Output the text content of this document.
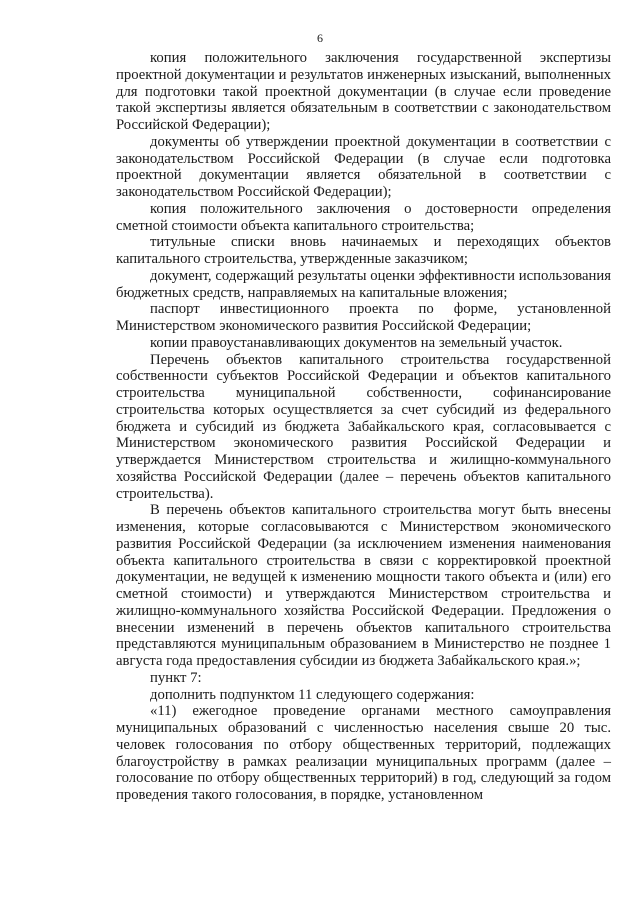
6

копия положительного заключения государственной экспертизы проектной документации и результатов инженерных изысканий, выполненных для подготовки такой проектной документации (в случае если проведение такой экспертизы является обязательным в соответствии с законодательством Российской Федерации);

документы об утверждении проектной документации в соответствии с законодательством Российской Федерации (в случае если подготовка проектной документации является обязательной в соответствии с законодательством Российской Федерации);

копия положительного заключения о достоверности определения сметной стоимости объекта капитального строительства;

титульные списки вновь начинаемых и переходящих объектов капитального строительства, утвержденные заказчиком;

документ, содержащий результаты оценки эффективности использования бюджетных средств, направляемых на капитальные вложения;

паспорт инвестиционного проекта по форме, установленной Министерством экономического развития Российской Федерации;

копии правоустанавливающих документов на земельный участок.

Перечень объектов капитального строительства государственной собственности субъектов Российской Федерации и объектов капитального строительства муниципальной собственности, софинансирование строительства которых осуществляется за счет субсидий из федерального бюджета и субсидий из бюджета Забайкальского края, согласовывается с Министерством экономического развития Российской Федерации и утверждается Министерством строительства и жилищно-коммунального хозяйства Российской Федерации (далее – перечень объектов капитального строительства).

В перечень объектов капитального строительства могут быть внесены изменения, которые согласовываются с Министерством экономического развития Российской Федерации (за исключением изменения наименования объекта капитального строительства в связи с корректировкой проектной документации, не ведущей к изменению мощности такого объекта и (или) его сметной стоимости) и утверждаются Министерством строительства и жилищно-коммунального хозяйства Российской Федерации. Предложения о внесении изменений в перечень объектов капитального строительства представляются муниципальным образованием в Министерство не позднее 1 августа года предоставления субсидии из бюджета Забайкальского края.»;

пункт 7:

дополнить подпунктом 11 следующего содержания:

«11) ежегодное проведение органами местного самоуправления муниципальных образований с численностью населения свыше 20 тыс. человек голосования по отбору общественных территорий, подлежащих благоустройству в рамках реализации муниципальных программ (далее – голосование по отбору общественных территорий) в год, следующий за годом проведения такого голосования, в порядке, установленном
